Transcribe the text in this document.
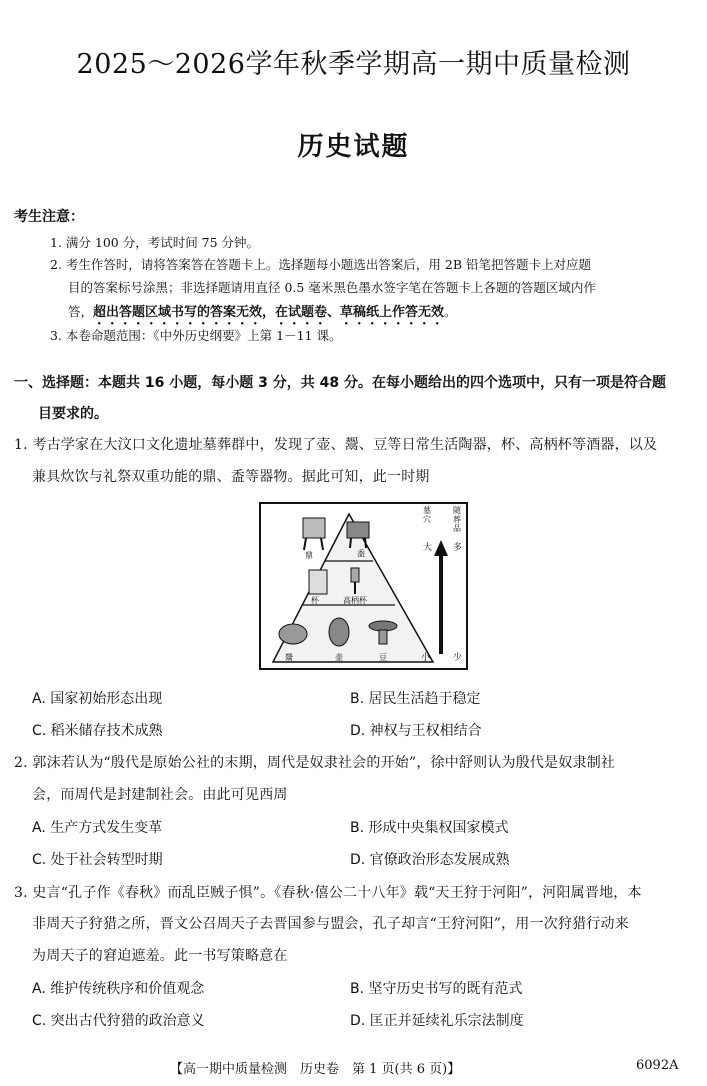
2025～2026学年秋季学期高一期中质量检测
历史试题
考生注意：
1. 满分 100 分，考试时间 75 分钟。
2. 考生作答时，请将答案答在答题卡上。选择题每小题选出答案后，用 2B 铅笔把答题卡上对应题
目的答案标号涂黑；非选择题请用直径 0.5 毫米黑色墨水签字笔在答题卡上各题的答题区域内作
答，超出答题区域书写的答案无效，在试题卷、草稿纸上作答无效。
3. 本卷命题范围：《中外历史纲要》上第 1－11 课。
一、选择题：本题共 16 小题，每小题 3 分，共 48 分。在每小题给出的四个选项中，只有一项是符合题
目要求的。
1. 考古学家在大汶口文化遗址墓葬群中，发现了壶、鬶、豆等日常生活陶器，杯、高柄杯等酒器，以及
兼具炊饮与礼祭双重功能的鼎、盉等器物。据此可知，此一时期
鼎	盉
杯	高柄杯
鬶	壶	豆
墓穴
大
小
随葬品
多
少
A. 国家初始形态出现	B. 居民生活趋于稳定
C. 稻米储存技术成熟	D. 神权与王权相结合
2. 郭沫若认为“殷代是原始公社的末期，周代是奴隶社会的开始”，徐中舒则认为殷代是奴隶制社
会，而周代是封建制社会。由此可见西周
A. 生产方式发生变革	B. 形成中央集权国家模式
C. 处于社会转型时期	D. 官僚政治形态发展成熟
3. 史言“孔子作《春秋》而乱臣贼子惧”。《春秋·僖公二十八年》载“天王狩于河阳”，河阳属晋地，本
非周天子狩猎之所，晋文公召周天子去晋国参与盟会，孔子却言“王狩河阳”，用一次狩猎行动来
为周天子的窘迫遮羞。此一书写策略意在
A. 维护传统秩序和价值观念	B. 坚守历史书写的既有范式
C. 突出古代狩猎的政治意义	D. 匡正并延续礼乐宗法制度
【高一期中质量检测　历史卷　第 1 页(共 6 页)】	6092A
